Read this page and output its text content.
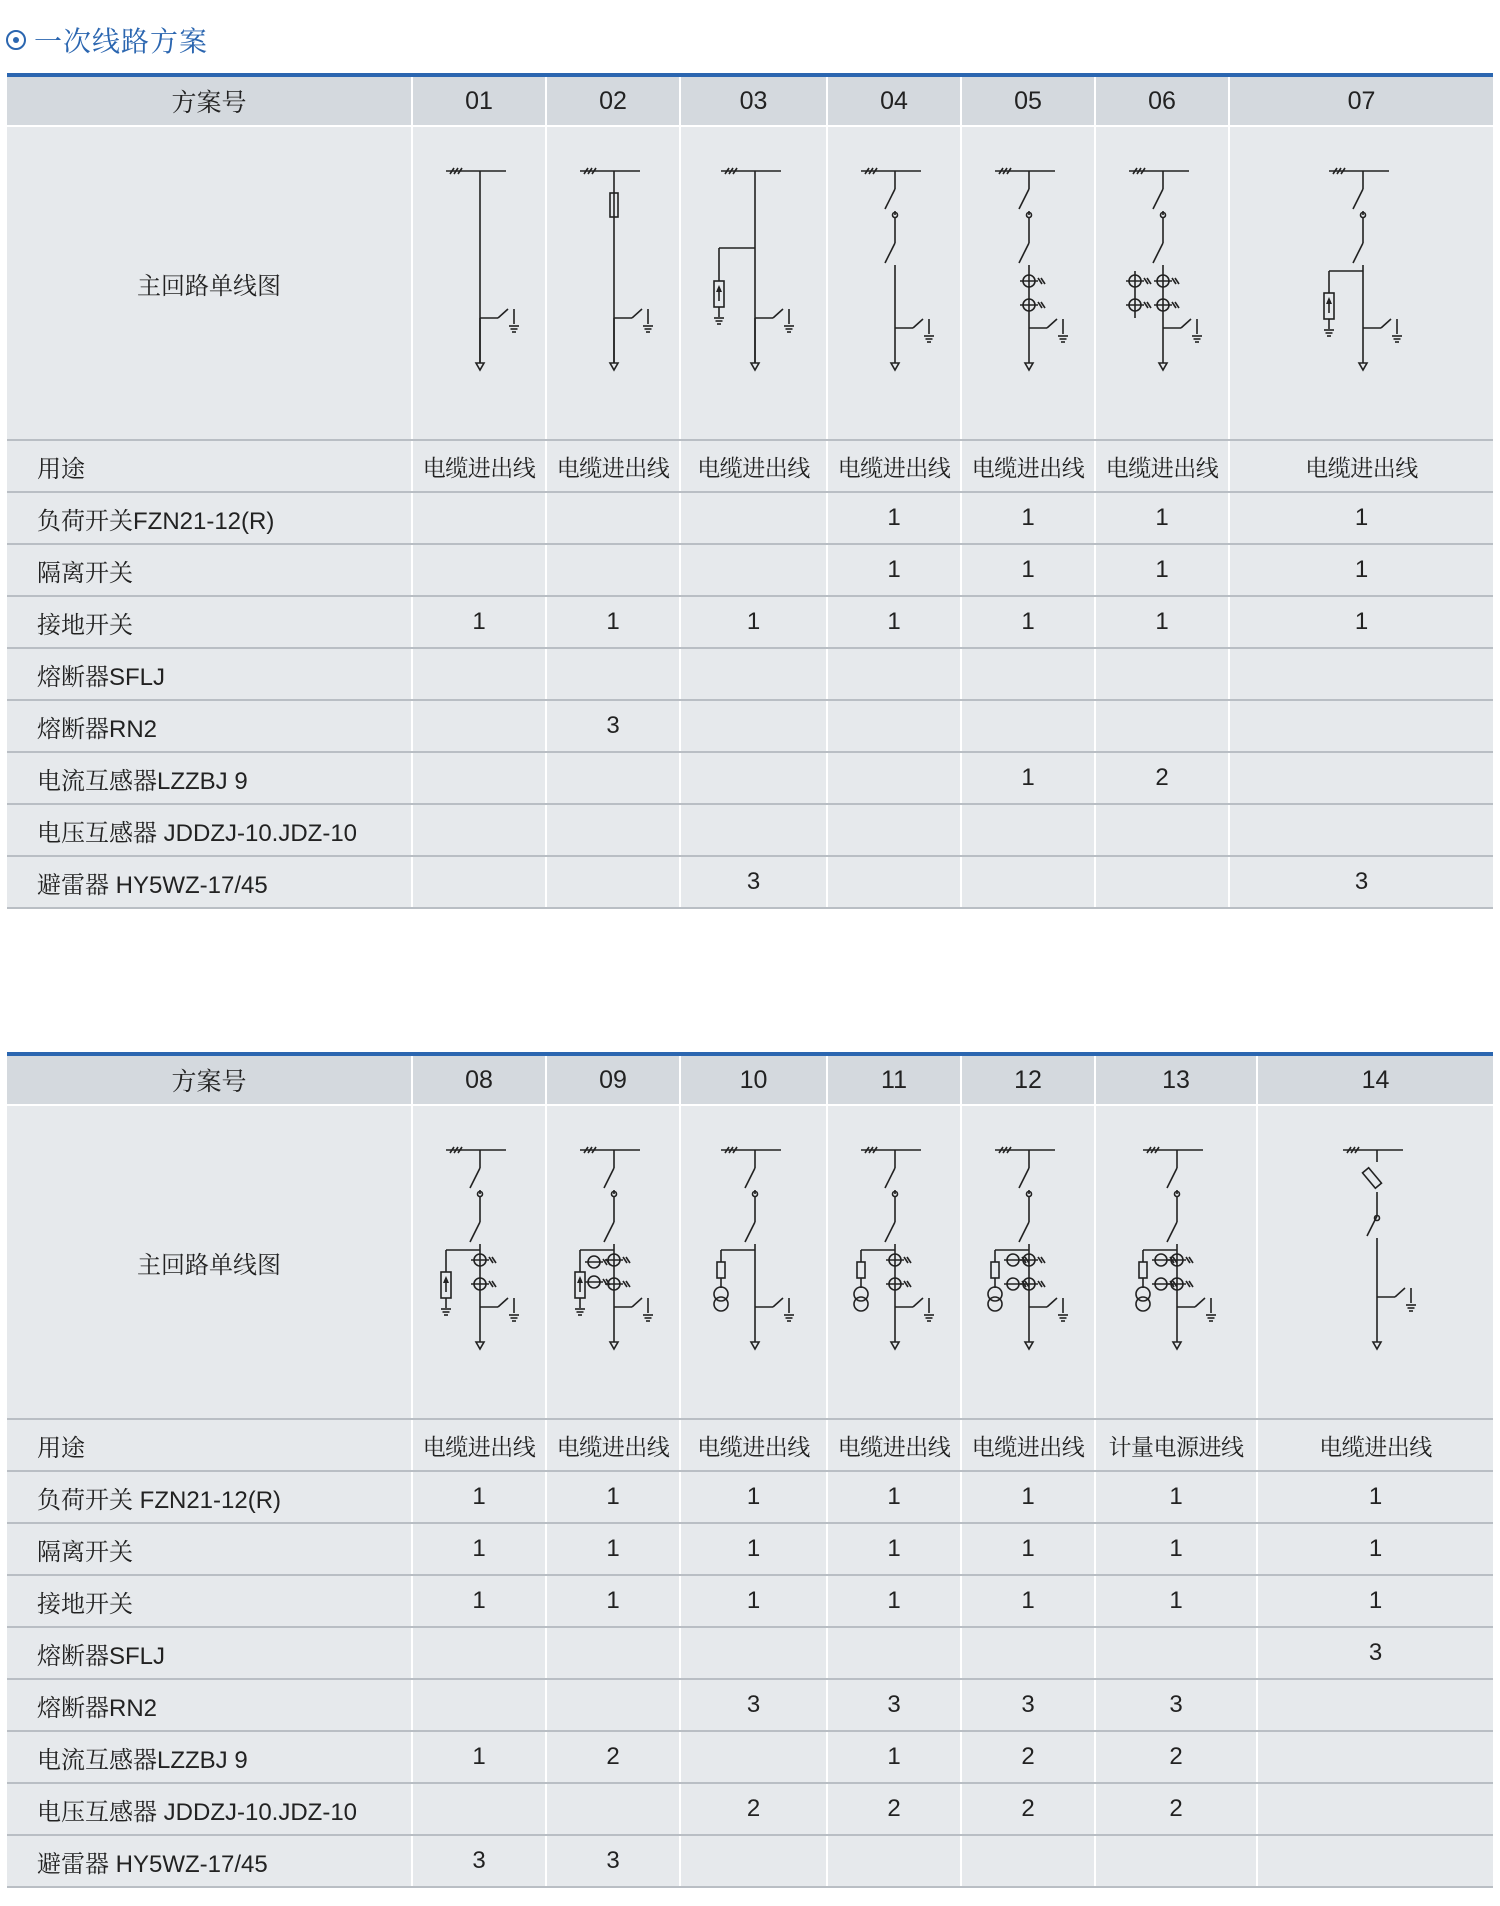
一次线路方案
方案号	01	02	03	04	05	06	07
主回路单线图	

用途	电缆进出线	电缆进出线	电缆进出线	电缆进出线	电缆进出线	电缆进出线	电缆进出线
负荷开关FZN21-12(R)				1	1	1	1
隔离开关				1	1	1	1
接地开关	1	1	1	1	1	1	1
熔断器SFLJ							
熔断器RN2		3					
电流互感器LZZBJ 9					1	2	
电压互感器 JDDZJ-10.JDZ-10							
避雷器 HY5WZ-17/45			3				3
方案号	08	09	10	11	12	13	14
主回路单线图	

用途	电缆进出线	电缆进出线	电缆进出线	电缆进出线	电缆进出线	计量电源进线	电缆进出线
负荷开关 FZN21-12(R)	1	1	1	1	1	1	1
隔离开关	1	1	1	1	1	1	1
接地开关	1	1	1	1	1	1	1
熔断器SFLJ							3
熔断器RN2			3	3	3	3	
电流互感器LZZBJ 9	1	2		1	2	2	
电压互感器 JDDZJ-10.JDZ-10			2	2	2	2	
避雷器 HY5WZ-17/45	3	3					
